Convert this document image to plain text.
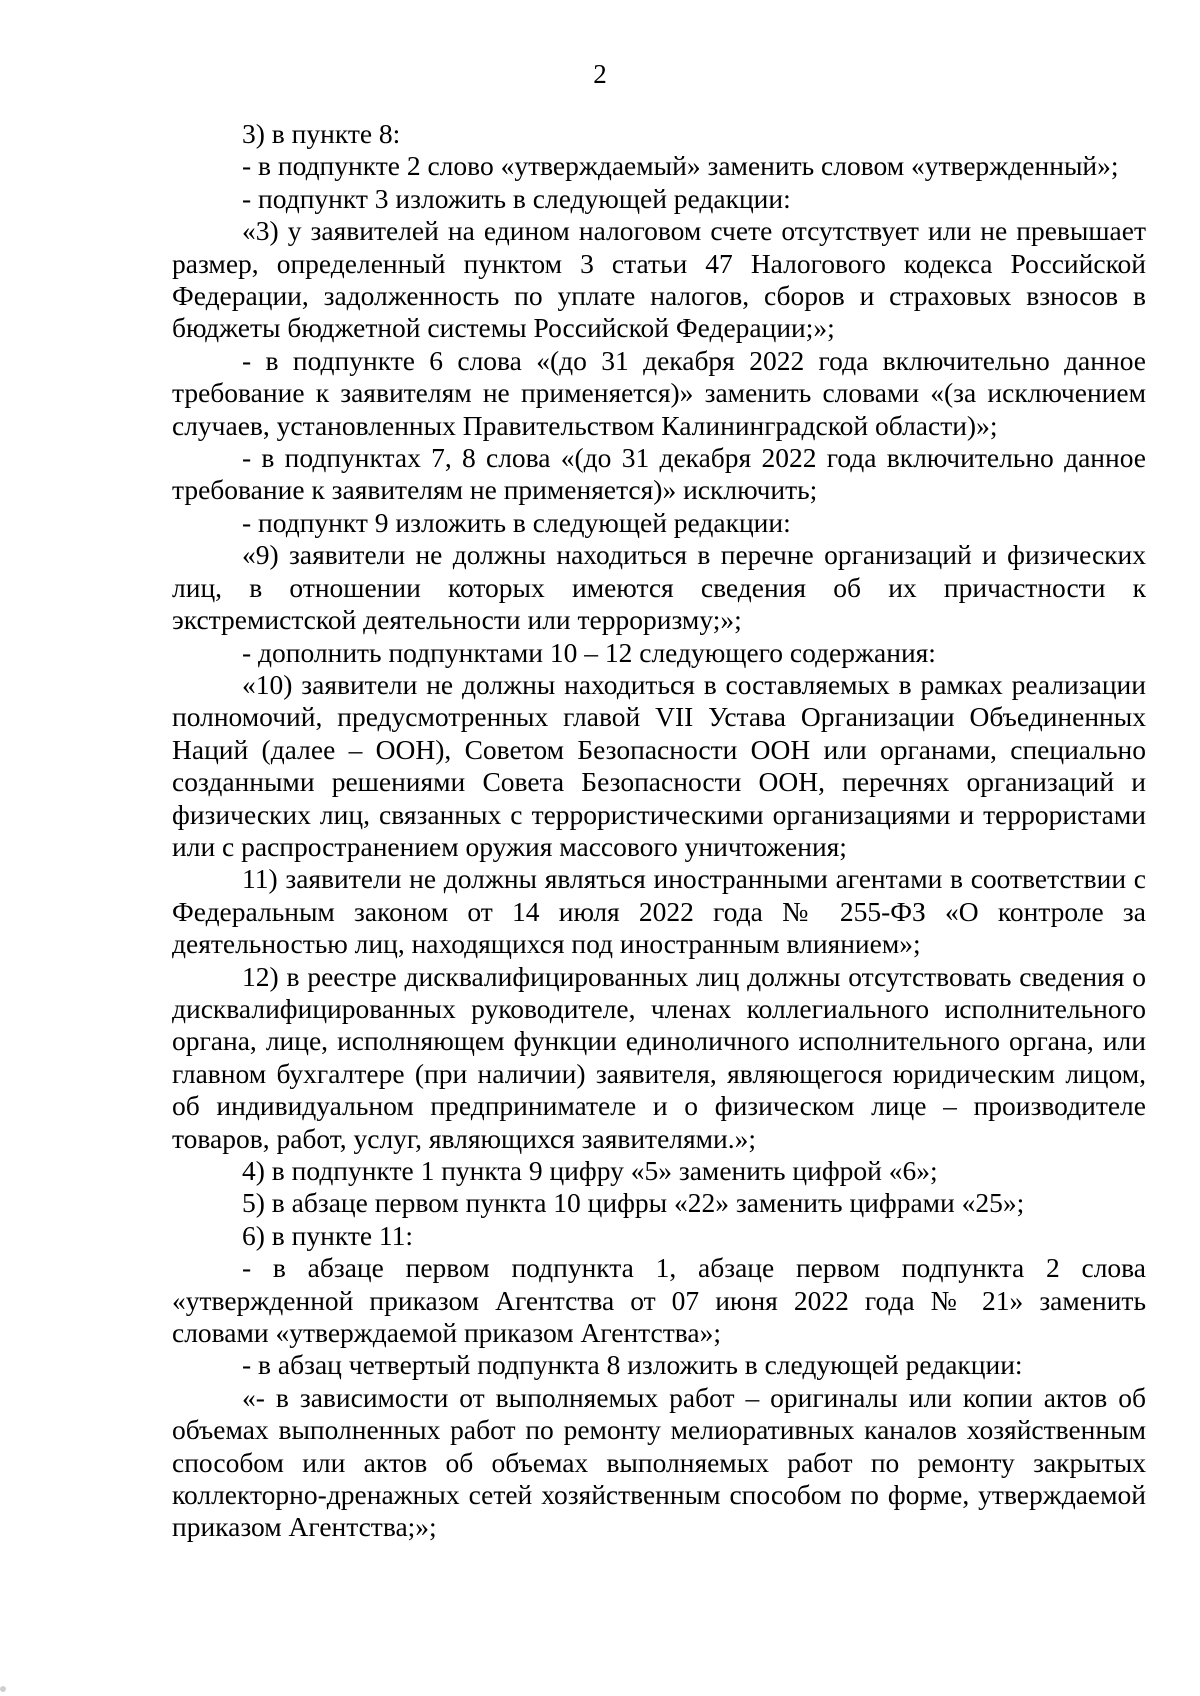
2

3) в пункте 8:

- в подпункте 2 слово «утверждаемый» заменить словом «утвержденный»;

- подпункт 3 изложить в следующей редакции:

«3) у заявителей на едином налоговом счете отсутствует или не превышает размер, определенный пунктом 3 статьи 47 Налогового кодекса Российской Федерации, задолженность по уплате налогов, сборов и страховых взносов в бюджеты бюджетной системы Российской Федерации;»;

- в подпункте 6 слова «(до 31 декабря 2022 года включительно данное требование к заявителям не применяется)» заменить словами «(за исключением случаев, установленных Правительством Калининградской области)»;

- в подпунктах 7, 8 слова «(до 31 декабря 2022 года включительно данное требование к заявителям не применяется)» исключить;

- подпункт 9 изложить в следующей редакции:

«9) заявители не должны находиться в перечне организаций и физических лиц, в отношении которых имеются сведения об их причастности к экстремистской деятельности или терроризму;»;

- дополнить подпунктами 10 – 12 следующего содержания:

«10) заявители не должны находиться в составляемых в рамках реализации полномочий, предусмотренных главой VII Устава Организации Объединенных Наций (далее – ООН), Советом Безопасности ООН или органами, специально созданными решениями Совета Безопасности ООН, перечнях организаций и физических лиц, связанных с террористическими организациями и террористами или с распространением оружия массового уничтожения;

11) заявители не должны являться иностранными агентами в соответствии с Федеральным законом от 14 июля 2022 года № 255-ФЗ «О контроле за деятельностью лиц, находящихся под иностранным влиянием»;

12) в реестре дисквалифицированных лиц должны отсутствовать сведения о дисквалифицированных руководителе, членах коллегиального исполнительного органа, лице, исполняющем функции единоличного исполнительного органа, или главном бухгалтере (при наличии) заявителя, являющегося юридическим лицом, об индивидуальном предпринимателе и о физическом лице – производителе товаров, работ, услуг, являющихся заявителями.»;

4) в подпункте 1 пункта 9 цифру «5» заменить цифрой «6»;

5) в абзаце первом пункта 10 цифры «22» заменить цифрами «25»;

6) в пункте 11:

- в абзаце первом подпункта 1, абзаце первом подпункта 2 слова «утвержденной приказом Агентства от 07 июня 2022 года № 21» заменить словами «утверждаемой приказом Агентства»;

- в абзац четвертый подпункта 8 изложить в следующей редакции:

«- в зависимости от выполняемых работ – оригиналы или копии актов об объемах выполненных работ по ремонту мелиоративных каналов хозяйственным способом или актов об объемах выполняемых работ по ремонту закрытых коллекторно-дренажных сетей хозяйственным способом по форме, утверждаемой приказом Агентства;»;
